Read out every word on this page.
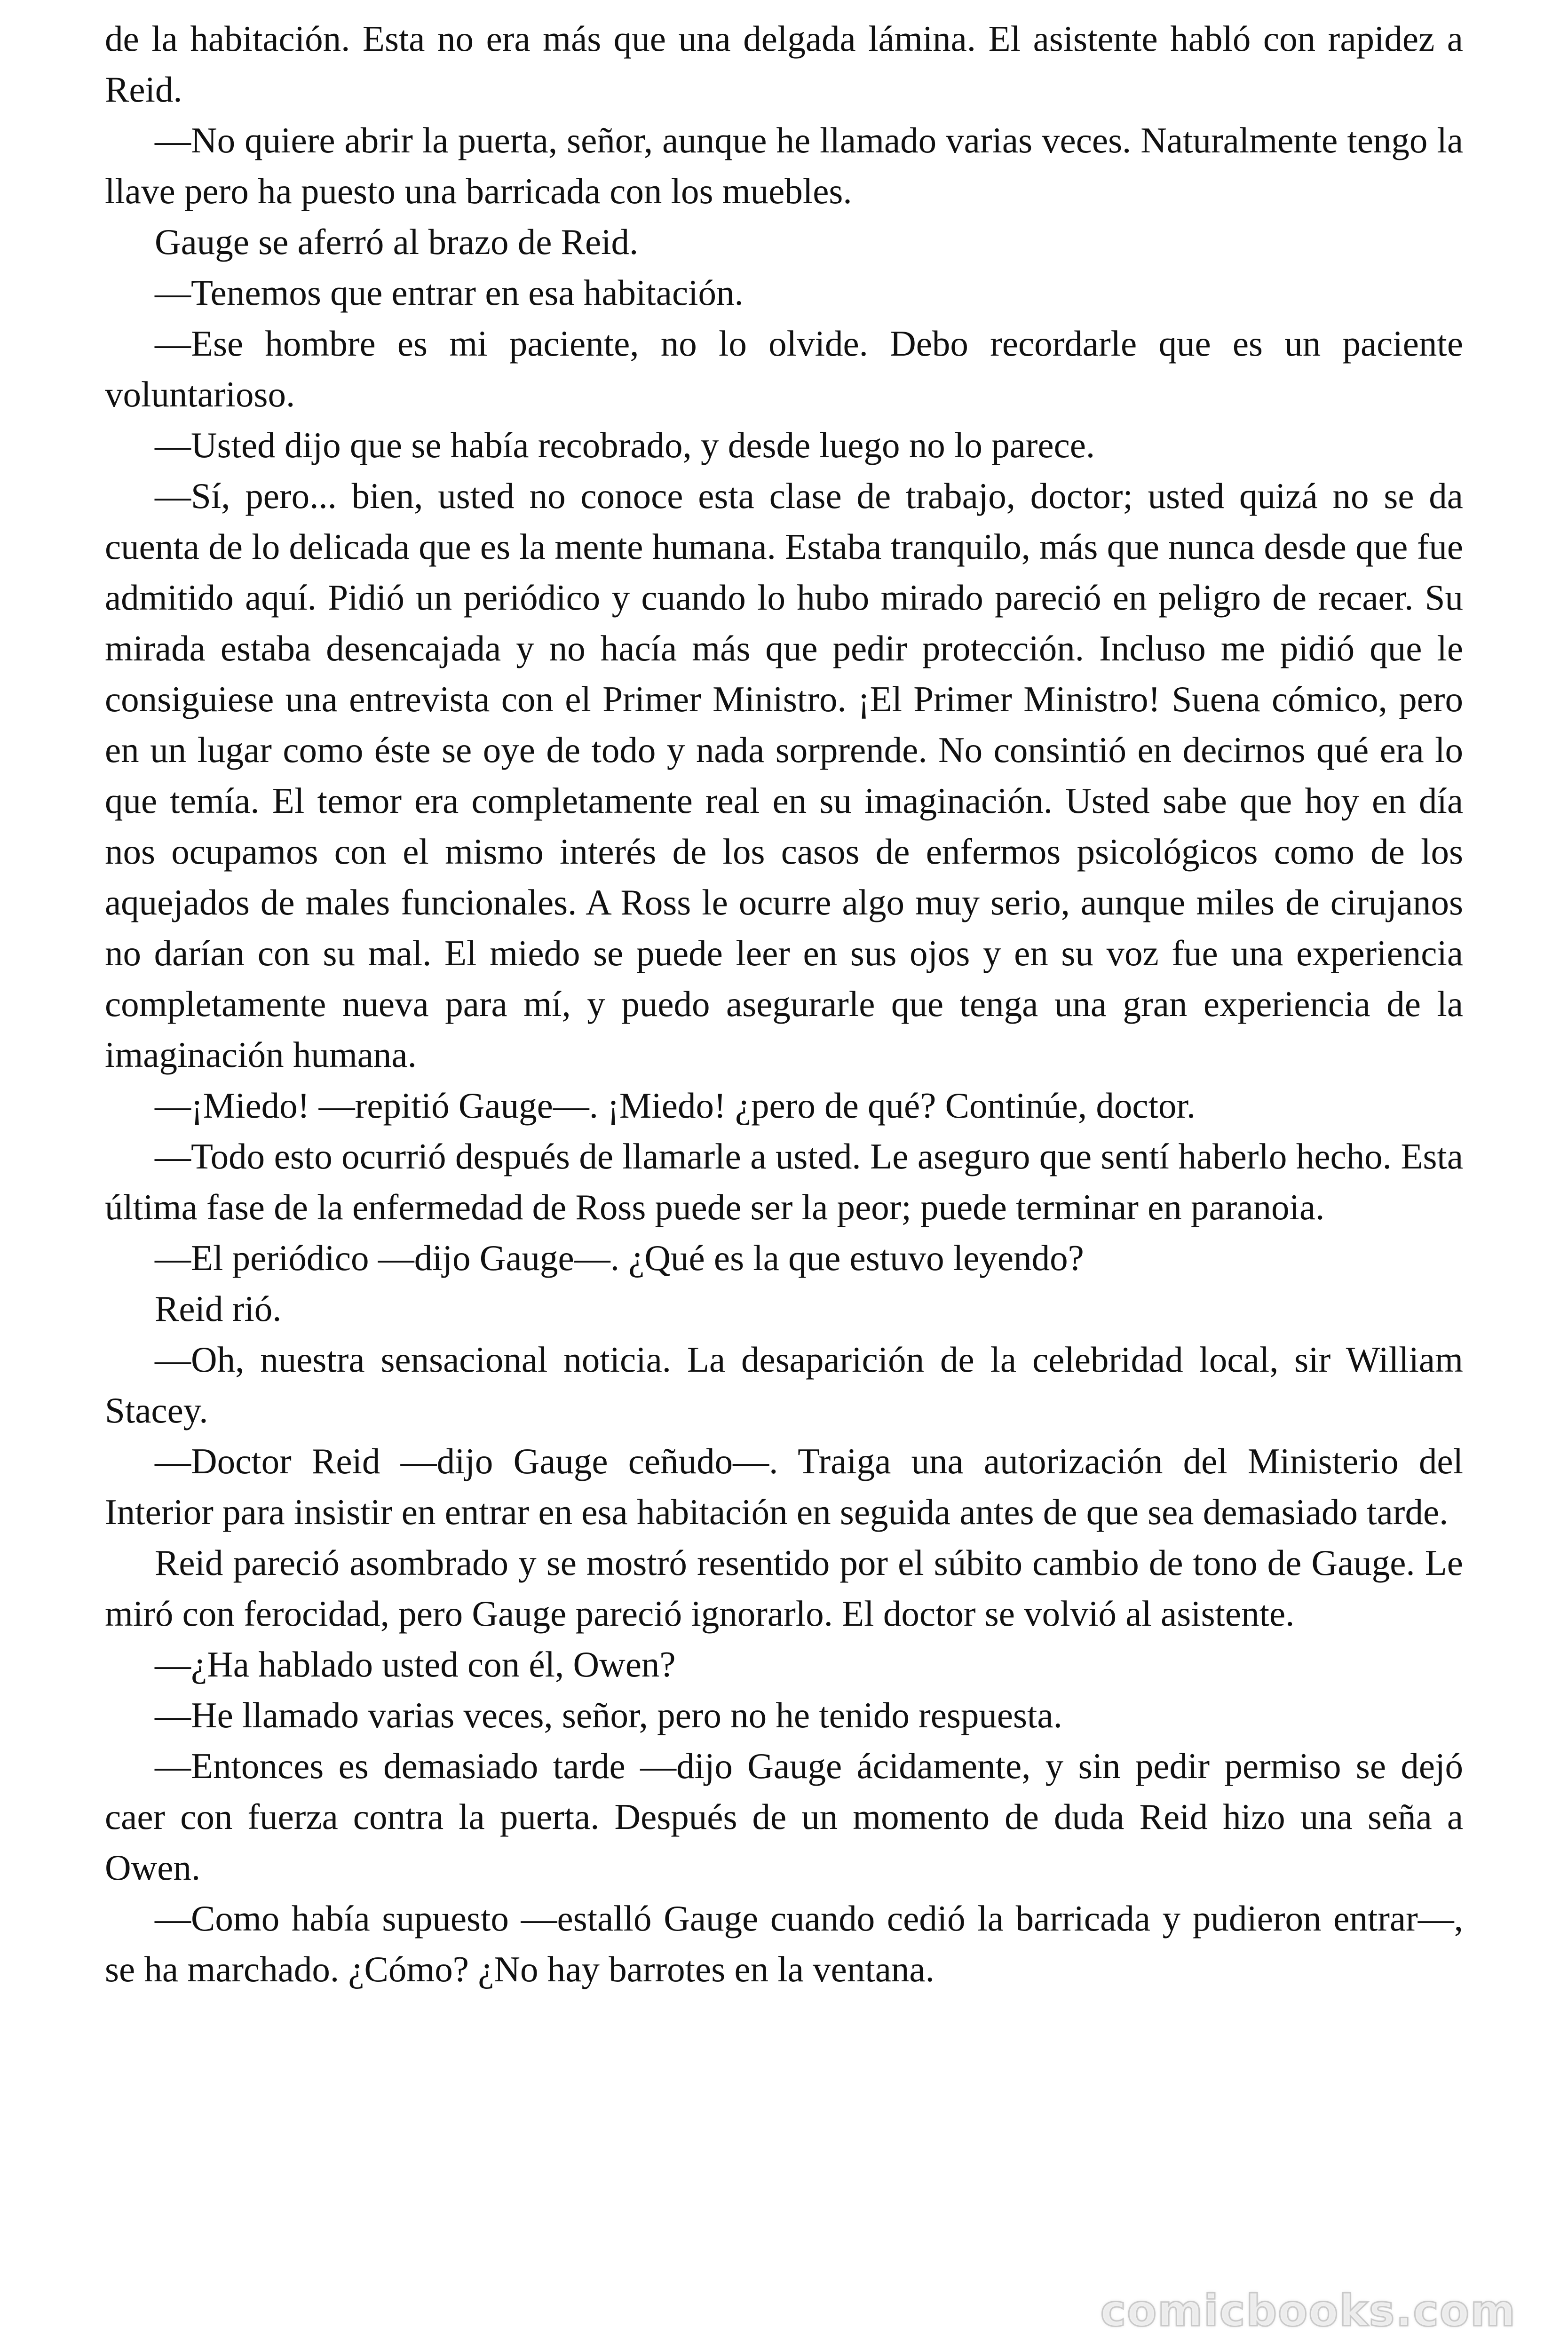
de la habitación. Esta no era más que una delgada lámina. El asistente habló con rapidez a Reid.

—No quiere abrir la puerta, señor, aunque he llamado varias veces. Naturalmente tengo la llave pero ha puesto una barricada con los muebles.

Gauge se aferró al brazo de Reid.

—Tenemos que entrar en esa habitación.

—Ese hombre es mi paciente, no lo olvide. Debo recordarle que es un paciente voluntarioso.

—Usted dijo que se había recobrado, y desde luego no lo parece.

—Sí, pero... bien, usted no conoce esta clase de trabajo, doctor; usted quizá no se da cuenta de lo delicada que es la mente humana. Estaba tranquilo, más que nunca desde que fue admitido aquí. Pidió un periódico y cuando lo hubo mirado pareció en peligro de recaer. Su mirada estaba desencajada y no hacía más que pedir protección. Incluso me pidió que le consiguiese una entrevista con el Primer Ministro. ¡El Primer Ministro! Suena cómico, pero en un lugar como éste se oye de todo y nada sorprende. No consintió en decirnos qué era lo que temía. El temor era completamente real en su imaginación. Usted sabe que hoy en día nos ocupamos con el mismo interés de los casos de enfermos psicológicos como de los aquejados de males funcionales. A Ross le ocurre algo muy serio, aunque miles de cirujanos no darían con su mal. El miedo se puede leer en sus ojos y en su voz fue una experiencia completamente nueva para mí, y puedo asegurarle que tenga una gran experiencia de la imaginación humana.

—¡Miedo! —repitió Gauge—. ¡Miedo! ¿pero de qué? Continúe, doctor.

—Todo esto ocurrió después de llamarle a usted. Le aseguro que sentí haberlo hecho. Esta última fase de la enfermedad de Ross puede ser la peor; puede terminar en paranoia.

—El periódico —dijo Gauge—. ¿Qué es la que estuvo leyendo?

Reid rió.

—Oh, nuestra sensacional noticia. La desaparición de la celebridad local, sir William Stacey.

—Doctor Reid —dijo Gauge ceñudo—. Traiga una autorización del Ministerio del Interior para insistir en entrar en esa habitación en seguida antes de que sea demasiado tarde.

Reid pareció asombrado y se mostró resentido por el súbito cambio de tono de Gauge. Le miró con ferocidad, pero Gauge pareció ignorarlo. El doctor se volvió al asistente.

—¿Ha hablado usted con él, Owen?

—He llamado varias veces, señor, pero no he tenido respuesta.

—Entonces es demasiado tarde —dijo Gauge ácidamente, y sin pedir permiso se dejó caer con fuerza contra la puerta. Después de un momento de duda Reid hizo una seña a Owen.

—Como había supuesto —estalló Gauge cuando cedió la barricada y pudieron entrar—, se ha marchado. ¿Cómo? ¿No hay barrotes en la ventana.

comicbooks.com
